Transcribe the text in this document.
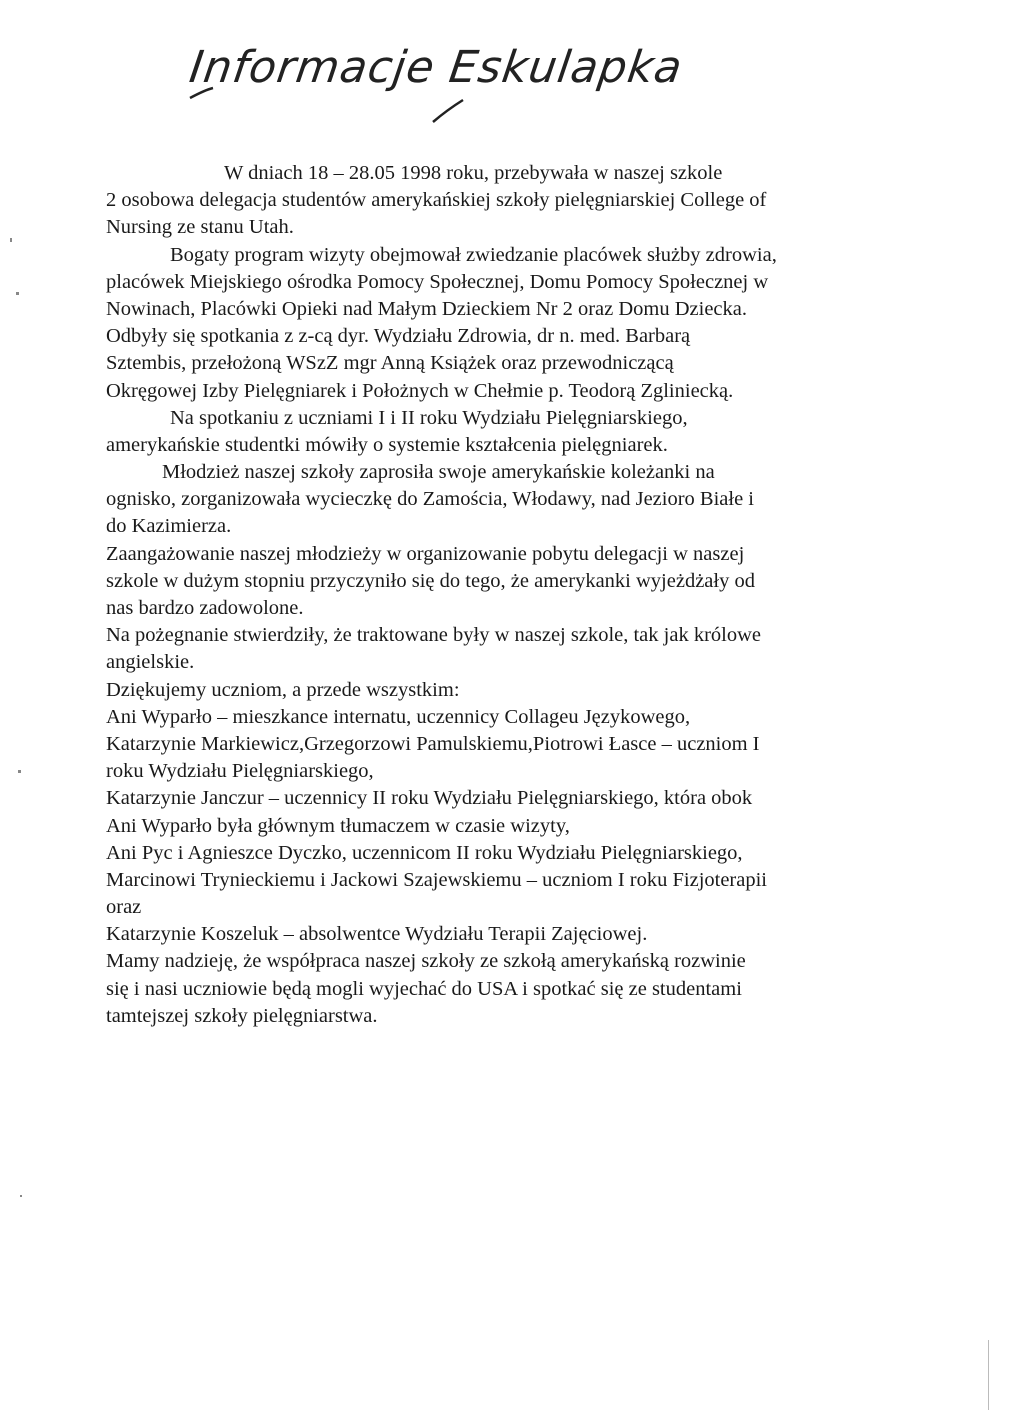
Informacje Eskulapka
W dniach 18 – 28.05 1998 roku, przebywała w naszej szkole
2 osobowa delegacja studentów amerykańskiej szkoły pielęgniarskiej College of
Nursing ze stanu Utah.
Bogaty program wizyty obejmował zwiedzanie placówek służby zdrowia,
placówek Miejskiego ośrodka Pomocy Społecznej, Domu Pomocy Społecznej w
Nowinach, Placówki Opieki nad Małym Dzieckiem Nr 2 oraz Domu Dziecka.
Odbyły się spotkania z z-cą dyr. Wydziału Zdrowia, dr n. med. Barbarą
Sztembis, przełożoną WSzZ mgr Anną Książek oraz przewodniczącą
Okręgowej Izby Pielęgniarek i Położnych w Chełmie p. Teodorą Zgliniecką.
Na spotkaniu z uczniami I i II roku Wydziału Pielęgniarskiego,
amerykańskie studentki mówiły o systemie kształcenia pielęgniarek.
Młodzież naszej szkoły zaprosiła swoje amerykańskie koleżanki na
ognisko, zorganizowała wycieczkę do Zamościa, Włodawy, nad Jezioro Białe i
do Kazimierza.
Zaangażowanie naszej młodzieży w organizowanie pobytu delegacji w naszej
szkole w dużym stopniu przyczyniło się do tego, że amerykanki wyjeżdżały od
nas bardzo zadowolone.
Na pożegnanie stwierdziły, że traktowane były w naszej szkole, tak jak królowe
angielskie.
Dziękujemy uczniom, a przede wszystkim:
Ani Wyparło – mieszkance internatu, uczennicy Collageu Językowego,
Katarzynie Markiewicz,Grzegorzowi Pamulskiemu,Piotrowi Łasce – uczniom I
roku Wydziału Pielęgniarskiego,
Katarzynie Janczur – uczennicy II roku Wydziału Pielęgniarskiego, która obok
Ani Wyparło była głównym tłumaczem w czasie wizyty,
Ani Pyc i Agnieszce Dyczko, uczennicom II roku Wydziału Pielęgniarskiego,
Marcinowi Trynieckiemu i Jackowi Szajewskiemu – uczniom I roku Fizjoterapii
oraz
Katarzynie Koszeluk – absolwentce Wydziału Terapii Zajęciowej.
Mamy nadzieję, że współpraca naszej szkoły ze szkołą amerykańską rozwinie
się i nasi uczniowie będą mogli wyjechać do USA i spotkać się ze studentami
tamtejszej szkoły pielęgniarstwa.
